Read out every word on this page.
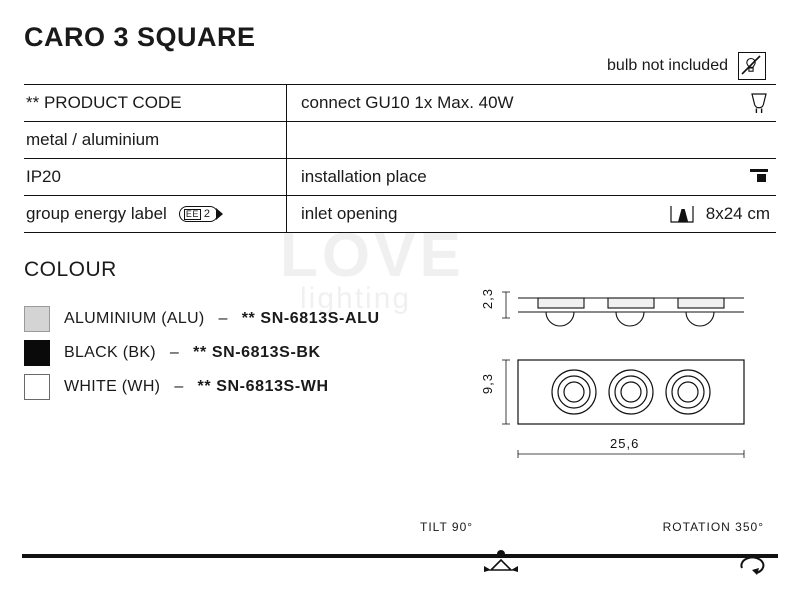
CARO 3 SQUARE
bulb not included
** PRODUCT CODE	connect GU10 1x Max. 40W
metal / aluminium
IP20	installation place
group energy label EE 2	inlet opening	8x24 cm
COLOUR
ALUMINIUM (ALU) – ** SN-6813S-ALU
BLACK (BK) – ** SN-6813S-BK
WHITE (WH) – ** SN-6813S-WH
LOVE
lighting	2,3
9,3
25,6
TILT 90°	ROTATION 350°
